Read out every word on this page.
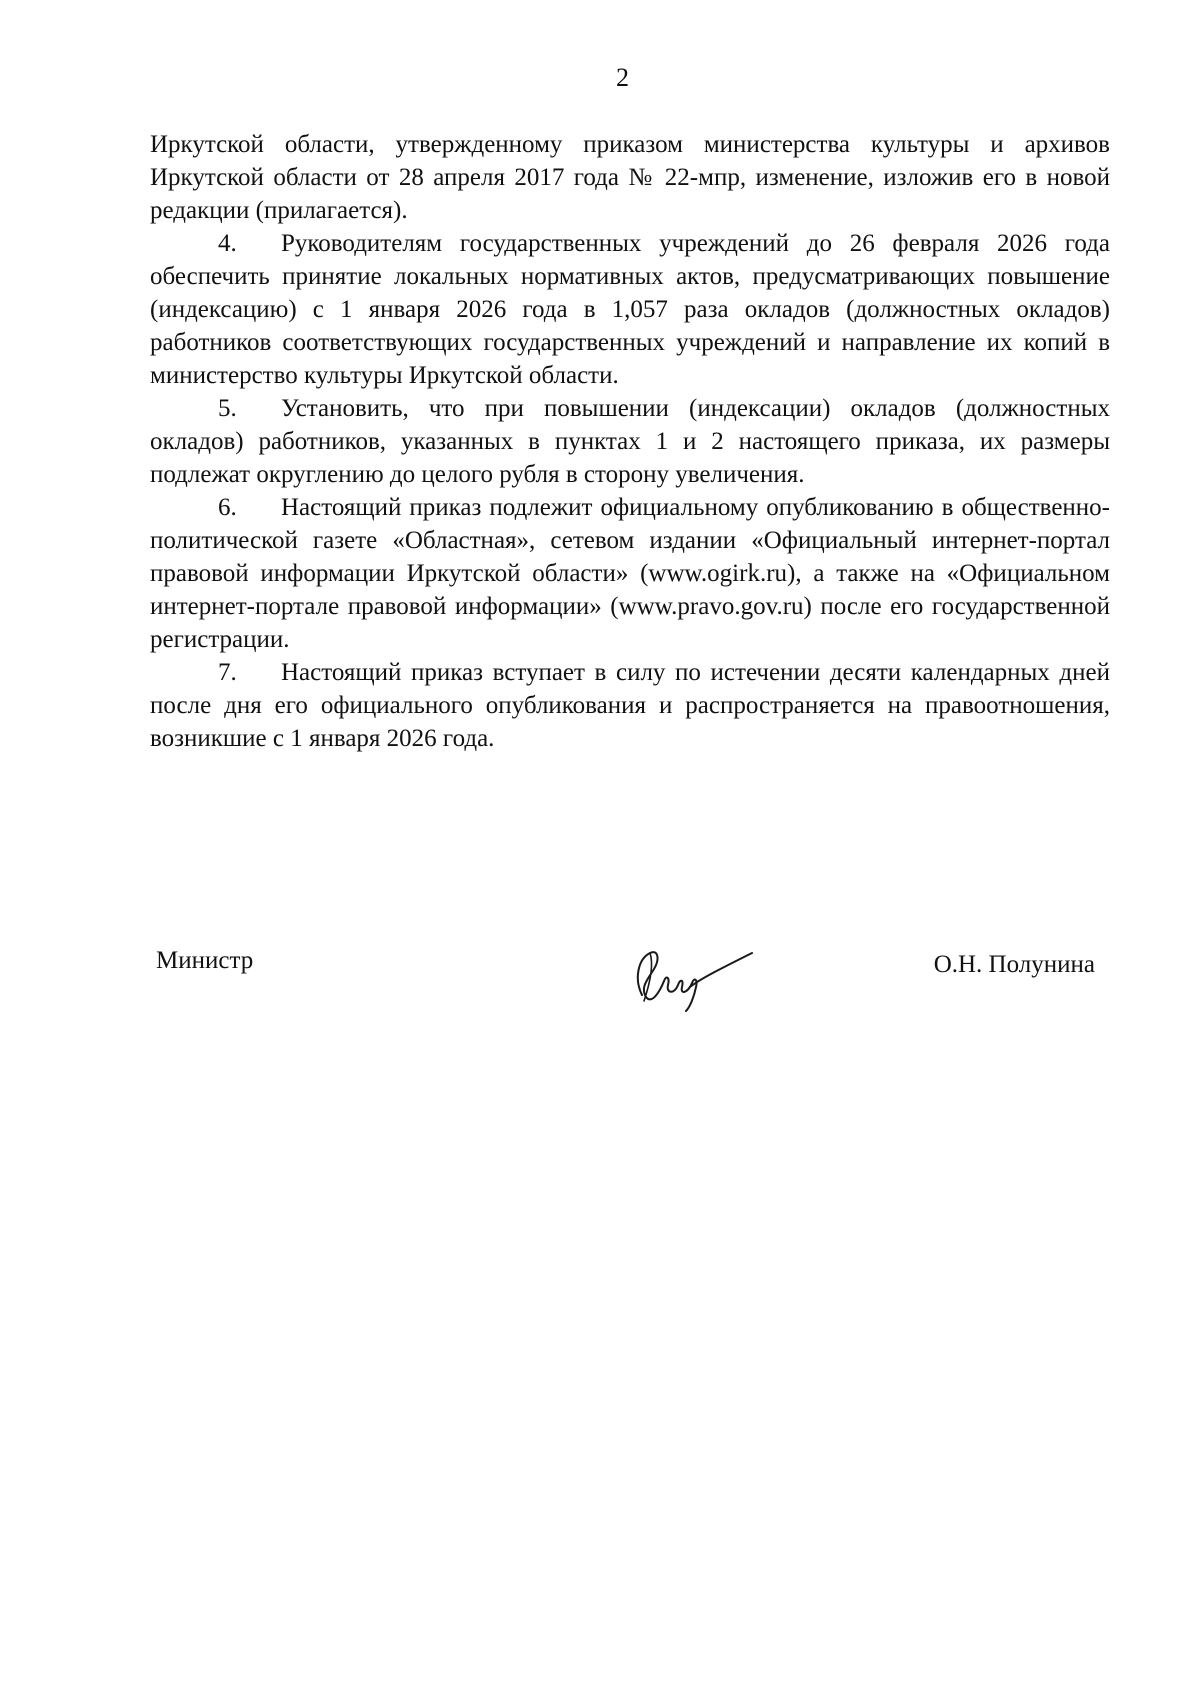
2

Иркутской области, утвержденному приказом министерства культуры и архивов Иркутской области от 28 апреля 2017 года № 22-мпр, изменение, изложив его в новой редакции (прилагается).

4. Руководителям государственных учреждений до 26 февраля 2026 года обеспечить принятие локальных нормативных актов, предусматривающих повышение (индексацию) с 1 января 2026 года в 1,057 раза окладов (должностных окладов) работников соответствующих государственных учреждений и направление их копий в министерство культуры Иркутской области.

5. Установить, что при повышении (индексации) окладов (должностных окладов) работников, указанных в пунктах 1 и 2 настоящего приказа, их размеры подлежат округлению до целого рубля в сторону увеличения.

6. Настоящий приказ подлежит официальному опубликованию в общественно-политической газете «Областная», сетевом издании «Официальный интернет-портал правовой информации Иркутской области» (www.ogirk.ru), а также на «Официальном интернет-портале правовой информации» (www.pravo.gov.ru) после его государственной регистрации.

7. Настоящий приказ вступает в силу по истечении десяти календарных дней после дня его официального опубликования и распространяется на правоотношения, возникшие с 1 января 2026 года.

Министр	О.Н. Полунина
